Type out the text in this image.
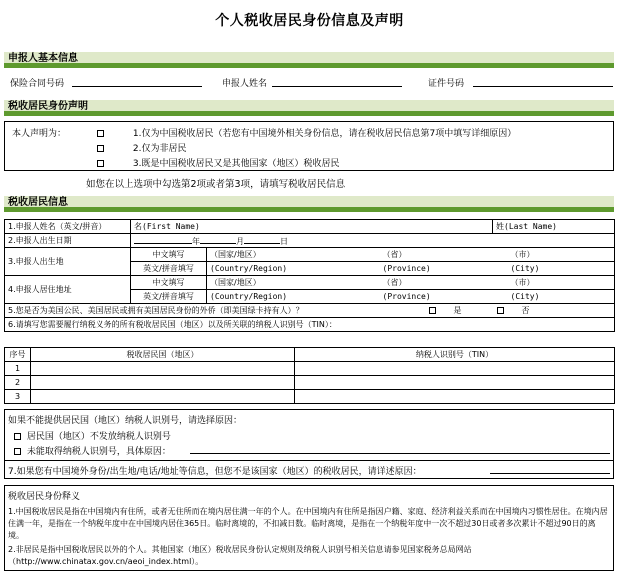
个人税收居民身份信息及声明
申报人基本信息
保险合同号码	申报人姓名	证件号码
税收居民身份声明
本人声明为：	1.仅为中国税收居民（若您有中国境外相关身份信息，请在税收居民信息第7项中填写详细原因）
2.仅为非居民
3.既是中国税收居民又是其他国家（地区）税收居民
如您在以上选项中勾选第2项或者第3项，请填写税收居民信息
税收居民信息
1.申报人姓名（英文/拼音）	名(First Name)			姓(Last Name)
2.申报人出生日期	年 月 日			
3.申报人出生地	中文填写	（国家/地区）	（省）	（市）
	英文/拼音填写	(Country/Region)	(Province)	(City)
4.申报人居住地址	中文填写	（国家/地区）	（省）	（市）
	英文/拼音填写	(Country/Region)	(Province)	(City)
5.您是否为美国公民、美国居民或拥有美国居民身份的外侨（即美国绿卡持有人）？ 是 否				

6.请填写您需要履行纳税义务的所有税收居民国（地区）以及所关联的纳税人识别号（TIN）：				
序号	税收居民国（地区）	纳税人识别号（TIN）
1		
2		
3		
如果不能提供居民国（地区）纳税人识别号，请选择原因：
居民国（地区）不发放纳税人识别号
未能取得纳税人识别号，具体原因：
7.如果您有中国境外身份/出生地/电话/地址等信息，但您不是该国家（地区）的税收居民，请详述原因：
税收居民身份释义
1.中国税收居民是指在中国境内有住所，或者无住所而在境内居住满一年的个人。在中国境内有住所是指因户籍、家庭、经济利益关系而在中国境内习惯性居住。在境内居住满一年，是指在一个纳税年度中在中国境内居住365日。临时离境的，不扣减日数。临时离境，是指在一个纳税年度中一次不超过30日或者多次累计不超过90日的离境。
2.非居民是指中国税收居民以外的个人。其他国家（地区）税收居民身份认定规则及纳税人识别号相关信息请参见国家税务总局网站（http://www.chinatax.gov.cn/aeoi_index.html）。
